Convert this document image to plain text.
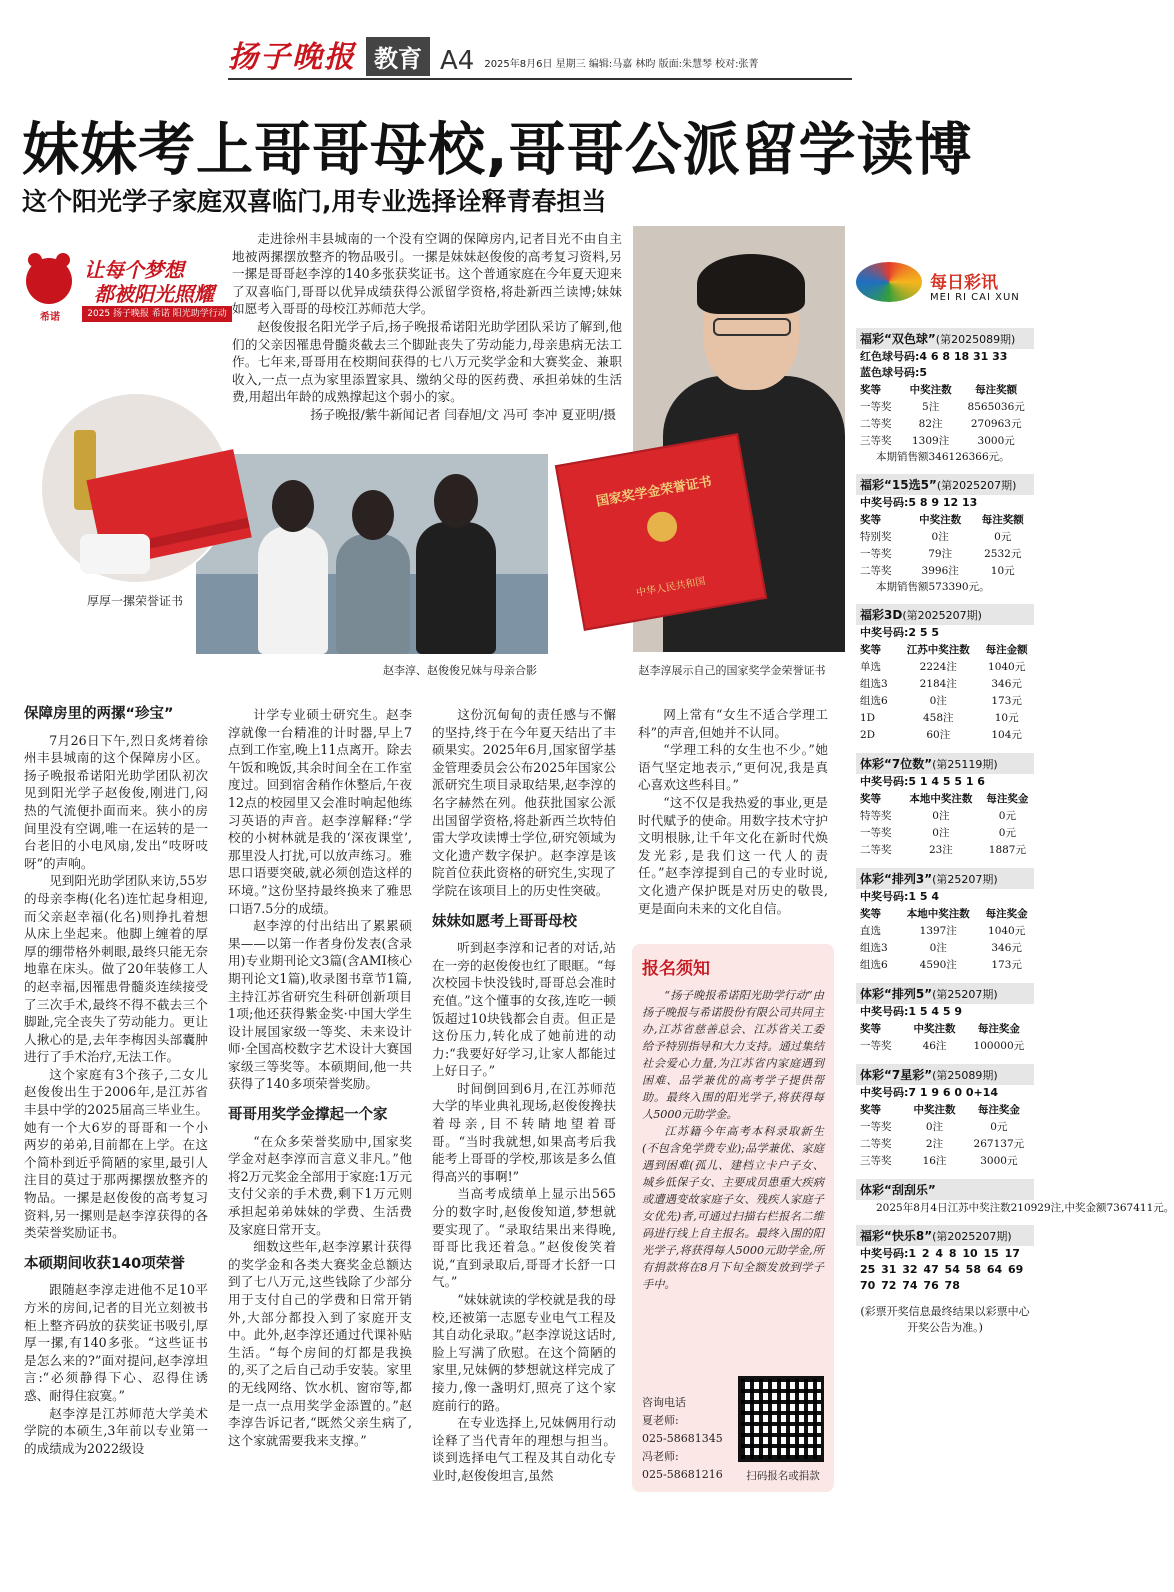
扬子晚报 教育 A4 2025年8月6日 星期三 编辑:马嘉 林昀 版面:朱慧琴 校对:张菁
妹妹考上哥哥母校,哥哥公派留学读博
这个阳光学子家庭双喜临门,用专业选择诠释青春担当
希诺
让每个梦想
都被阳光照耀
2025 扬子晚报 希诺 阳光助学行动

走进徐州丰县城南的一个没有空调的保障房内,记者目光不由自主地被两摞摆放整齐的物品吸引。一摞是妹妹赵俊俊的高考复习资料,另一摞是哥哥赵李淳的140多张获奖证书。这个普通家庭在今年夏天迎来了双喜临门,哥哥以优异成绩获得公派留学资格,将赴新西兰读博;妹妹如愿考入哥哥的母校江苏师范大学。

赵俊俊报名阳光学子后,扬子晚报希诺阳光助学团队采访了解到,他们的父亲因罹患骨髓炎截去三个脚趾丧失了劳动能力,母亲患病无法工作。七年来,哥哥用在校期间获得的七八万元奖学金和大赛奖金、兼职收入,一点一点为家里添置家具、缴纳父母的医药费、承担弟妹的生活费,用超出年龄的成熟撑起这个弱小的家。

扬子晚报/紫牛新闻记者 闫春旭/文 冯可 李冲 夏亚明/摄

厚厚一摞荣誉证书
赵李淳、赵俊俊兄妹与母亲合影
国家奖学金荣誉证书
中华人民共和国
赵李淳展示自己的国家奖学金荣誉证书
保障房里的两摞“珍宝”

7月26日下午,烈日炙烤着徐州丰县城南的这个保障房小区。扬子晚报希诺阳光助学团队初次见到阳光学子赵俊俊,刚进门,闷热的气流便扑面而来。狭小的房间里没有空调,唯一在运转的是一台老旧的小电风扇,发出“吱呀吱呀”的声响。

见到阳光助学团队来访,55岁的母亲李梅(化名)连忙起身相迎,而父亲赵幸福(化名)则挣扎着想从床上坐起来。他脚上缠着的厚厚的绷带格外刺眼,最终只能无奈地靠在床头。做了20年装修工人的赵幸福,因罹患骨髓炎连续接受了三次手术,最终不得不截去三个脚趾,完全丧失了劳动能力。更让人揪心的是,去年李梅因头部囊肿进行了手术治疗,无法工作。

这个家庭有3个孩子,二女儿赵俊俊出生于2006年,是江苏省丰县中学的2025届高三毕业生。她有一个大6岁的哥哥和一个小两岁的弟弟,目前都在上学。在这个简朴到近乎简陋的家里,最引人注目的莫过于那两摞摆放整齐的物品。一摞是赵俊俊的高考复习资料,另一摞则是赵李淳获得的各类荣誉奖励证书。

本硕期间收获140项荣誉

跟随赵李淳走进他不足10平方米的房间,记者的目光立刻被书柜上整齐码放的获奖证书吸引,厚厚一摞,有140多张。“这些证书是怎么来的?”面对提问,赵李淳坦言:“必须静得下心、忍得住诱惑、耐得住寂寞。”

赵李淳是江苏师范大学美术学院的本硕生,3年前以专业第一的成绩成为2022级设

计学专业硕士研究生。赵李淳就像一台精准的计时器,早上7点到工作室,晚上11点离开。除去午饭和晚饭,其余时间全在工作室度过。回到宿舍稍作休整后,午夜12点的校园里又会准时响起他练习英语的声音。赵李淳解释:“学校的小树林就是我的‘深夜课堂’,那里没人打扰,可以放声练习。雅思口语要突破,就必须创造这样的环境。”这份坚持最终换来了雅思口语7.5分的成绩。

赵李淳的付出结出了累累硕果——以第一作者身份发表(含录用)专业期刊论文3篇(含AMI核心期刊论文1篇),收录图书章节1篇,主持江苏省研究生科研创新项目1项;他还获得紫金奖·中国大学生设计展国家级一等奖、未来设计师·全国高校数字艺术设计大赛国家级三等奖等。本硕期间,他一共获得了140多项荣誉奖励。

哥哥用奖学金撑起一个家

“在众多荣誉奖励中,国家奖学金对赵李淳而言意义非凡。”他将2万元奖金全部用于家庭:1万元支付父亲的手术费,剩下1万元则承担起弟弟妹妹的学费、生活费及家庭日常开支。

细数这些年,赵李淳累计获得的奖学金和各类大赛奖金总额达到了七八万元,这些钱除了少部分用于支付自己的学费和日常开销外,大部分都投入到了家庭开支中。此外,赵李淳还通过代课补贴生活。“每个房间的灯都是我换的,买了之后自己动手安装。家里的无线网络、饮水机、窗帘等,都是一点一点用奖学金添置的。”赵李淳告诉记者,“既然父亲生病了,这个家就需要我来支撑。”

这份沉甸甸的责任感与不懈的坚持,终于在今年夏天结出了丰硕果实。2025年6月,国家留学基金管理委员会公布2025年国家公派研究生项目录取结果,赵李淳的名字赫然在列。他获批国家公派出国留学资格,将赴新西兰坎特伯雷大学攻读博士学位,研究领域为文化遗产数字保护。赵李淳是该院首位获此资格的研究生,实现了学院在该项目上的历史性突破。

妹妹如愿考上哥哥母校

听到赵李淳和记者的对话,站在一旁的赵俊俊也红了眼眶。“每次校园卡快没钱时,哥哥总会准时充值。”这个懂事的女孩,连吃一顿饭超过10块钱都会自责。但正是这份压力,转化成了她前进的动力:“我要好好学习,让家人都能过上好日子。”

时间倒回到6月,在江苏师范大学的毕业典礼现场,赵俊俊搀扶着母亲,目不转睛地望着哥哥。“当时我就想,如果高考后我能考上哥哥的学校,那该是多么值得高兴的事啊!”

当高考成绩单上显示出565分的数字时,赵俊俊知道,梦想就要实现了。“录取结果出来得晚,哥哥比我还着急。”赵俊俊笑着说,“直到录取后,哥哥才长舒一口气。”

“妹妹就读的学校就是我的母校,还被第一志愿专业电气工程及其自动化录取。”赵李淳说这话时,脸上写满了欣慰。在这个简陋的家里,兄妹俩的梦想就这样完成了接力,像一盏明灯,照亮了这个家庭前行的路。

在专业选择上,兄妹俩用行动诠释了当代青年的理想与担当。谈到选择电气工程及其自动化专业时,赵俊俊坦言,虽然

网上常有“女生不适合学理工科”的声音,但她并不认同。

“学理工科的女生也不少。”她语气坚定地表示,“更何况,我是真心喜欢这些科目。”

“这不仅是我热爱的事业,更是时代赋予的使命。用数字技术守护文明根脉,让千年文化在新时代焕发光彩,是我们这一代人的责任。”赵李淳提到自己的专业时说,文化遗产保护既是对历史的敬畏,更是面向未来的文化自信。

报名须知

“扬子晚报希诺阳光助学行动”由扬子晚报与希诺股份有限公司共同主办,江苏省慈善总会、江苏省关工委给予特别指导和大力支持。通过集结社会爱心力量,为江苏省内家庭遇到困难、品学兼优的高考学子提供帮助。最终入围的阳光学子,将获得每人5000元助学金。

江苏籍今年高考本科录取新生(不包含免学费专业);品学兼优、家庭遇到困难(孤儿、建档立卡户子女、城乡低保子女、主要成员患重大疾病或遭遇变故家庭子女、残疾人家庭子女优先)者,可通过扫描右栏报名二维码进行线上自主报名。最终入围的阳光学子,将获得每人5000元助学金,所有捐款将在8月下旬全额发放到学子手中。

咨询电话
夏老师:
025-58681345
冯老师:
025-58681216	扫码报名或捐款
每日彩讯
MEI RI CAI XUN
福彩“双色球”(第2025089期)
红色球号码:4 6 8 18 31 33
蓝色球号码:5
奖等	中奖注数	每注奖额
一等奖	5注	8565036元
二等奖	82注	270963元
三等奖	1309注	3000元
本期销售额346126366元。
福彩“15选5”(第2025207期)
中奖号码:5 8 9 12 13
奖等	中奖注数	每注奖额
特别奖	0注	0元
一等奖	79注	2532元
二等奖	3996注	10元
本期销售额573390元。
福彩3D(第2025207期)
中奖号码:2 5 5
奖等	江苏中奖注数	每注金额
单选	2224注	1040元
组选3	2184注	346元
组选6	0注	173元
1D	458注	10元
2D	60注	104元
体彩“7位数”(第25119期)
中奖号码:5 1 4 5 5 1 6
奖等	本地中奖注数	每注奖金
特等奖	0注	0元
一等奖	0注	0元
二等奖	23注	1887元
体彩“排列3”(第25207期)
中奖号码:1 5 4
奖等	本地中奖注数	每注奖金
直选	1397注	1040元
组选3	0注	346元
组选6	4590注	173元
体彩“排列5”(第25207期)
中奖号码:1 5 4 5 9
奖等	中奖注数	每注奖金
一等奖	46注	100000元
体彩“7星彩”(第25089期)
中奖号码:7 1 9 6 0 0+14
奖等	中奖注数	每注奖金
一等奖	0注	0元
二等奖	2注	267137元
三等奖	16注	3000元
体彩“刮刮乐”
2025年8月4日江苏中奖注数210929注,中奖金额7367411元。
福彩“快乐8”(第2025207期)
中奖号码:1 2 4 8 10 15 17 25 31 32 47 54 58 64 69 70 72 74 76 78
(彩票开奖信息最终结果以彩票中心开奖公告为准。)
